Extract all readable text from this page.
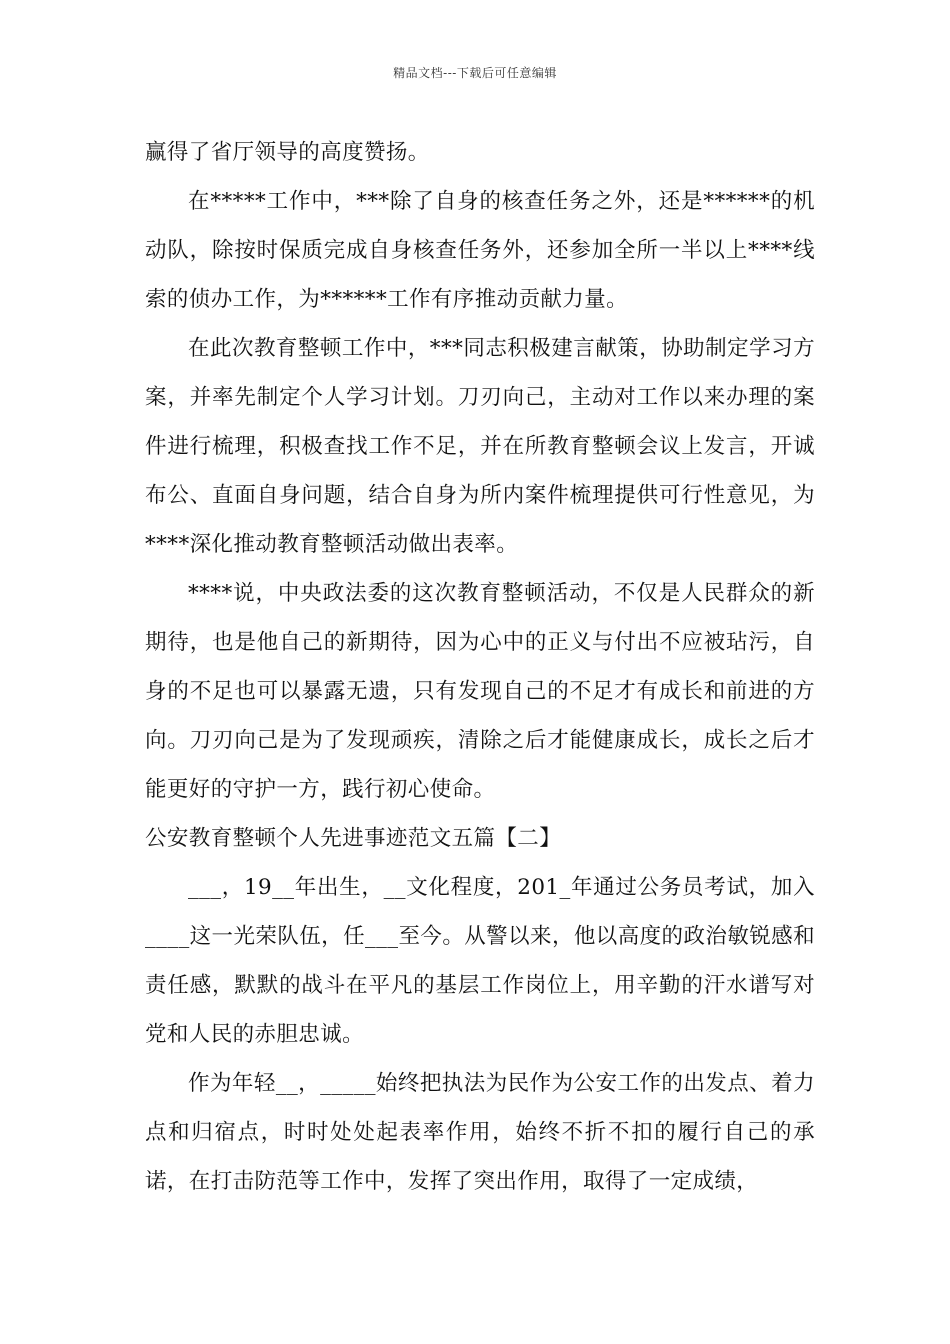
精品文档---下载后可任意编辑

赢得了省厅领导的高度赞扬。

在*****工作中，***除了自身的核查任务之外，还是******的机动队，除按时保质完成自身核查任务外，还参加全所一半以上****线索的侦办工作，为******工作有序推动贡献力量。

在此次教育整顿工作中，***同志积极建言献策，协助制定学习方案，并率先制定个人学习计划。刀刃向己，主动对工作以来办理的案件进行梳理，积极查找工作不足，并在所教育整顿会议上发言，开诚布公、直面自身问题，结合自身为所内案件梳理提供可行性意见，为****深化推动教育整顿活动做出表率。

****说，中央政法委的这次教育整顿活动，不仅是人民群众的新期待，也是他自己的新期待，因为心中的正义与付出不应被玷污，自身的不足也可以暴露无遗，只有发现自己的不足才有成长和前进的方向。刀刃向己是为了发现顽疾，清除之后才能健康成长，成长之后才能更好的守护一方，践行初心使命。

公安教育整顿个人先进事迹范文五篇【二】

___，19__年出生，__文化程度，201_年通过公务员考试，加入____这一光荣队伍，任___至今。从警以来，他以高度的政治敏锐感和责任感，默默的战斗在平凡的基层工作岗位上，用辛勤的汗水谱写对党和人民的赤胆忠诚。

作为年轻__，_____始终把执法为民作为公安工作的出发点、着力点和归宿点，时时处处起表率作用，始终不折不扣的履行自己的承诺，在打击防范等工作中，发挥了突出作用，取得了一定成绩，
